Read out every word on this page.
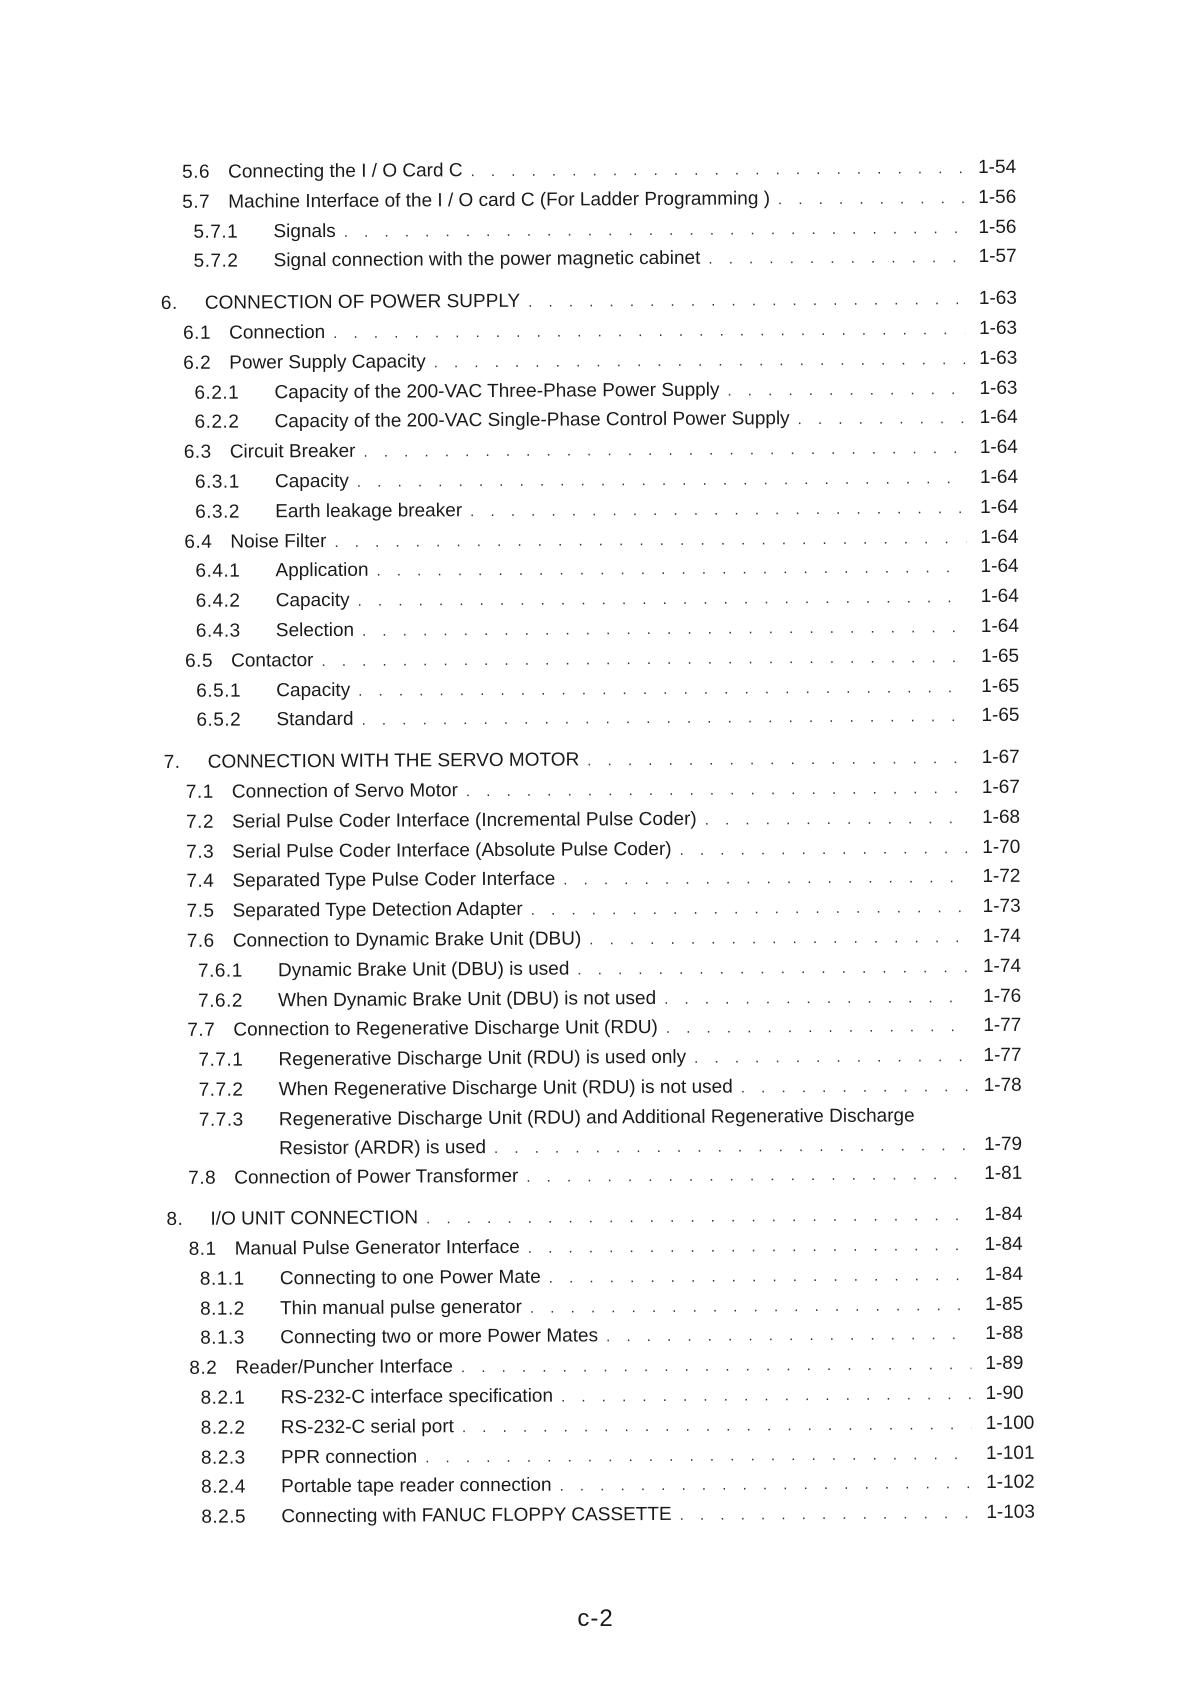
5.6 Connecting the I / O Card C . . .	1-54
5.7 Machine Interface of the I / O card C (For Ladder Programming ) . . .	1-56
5.7.1	Signals . . .	1-56
5.7.2	Signal connection with the power magnetic cabinet . . .	1-57
6.	CONNECTION OF POWER SUPPLY . . .	1-63
6.1 Connection . . .	1-63
6.2 Power Supply Capacity . . .	1-63
6.2.1	Capacity of the 200-VAC Three-Phase Power Supply . . .	1-63
6.2.2	Capacity of the 200-VAC Single-Phase Control Power Supply . . .	1-64
6.3 Circuit Breaker . . .	1-64
6.3.1	Capacity . . .	1-64
6.3.2	Earth leakage breaker . . .	1-64
6.4 Noise Filter . . .	1-64
6.4.1	Application . . .	1-64
6.4.2	Capacity . . .	1-64
6.4.3	Selection . . .	1-64
6.5 Contactor . . .	1-65
6.5.1	Capacity . . .	1-65
6.5.2	Standard . . .	1-65
7.	CONNECTION WITH THE SERVO MOTOR . . .	1-67
7.1 Connection of Servo Motor . . .	1-67
7.2 Serial Pulse Coder Interface (Incremental Pulse Coder) . . .	1-68
7.3 Serial Pulse Coder Interface (Absolute Pulse Coder) . . .	1-70
7.4 Separated Type Pulse Coder Interface . . .	1-72
7.5 Separated Type Detection Adapter . . .	1-73
7.6 Connection to Dynamic Brake Unit (DBU) . . .	1-74
7.6.1	Dynamic Brake Unit (DBU) is used . . .	1-74
7.6.2	When Dynamic Brake Unit (DBU) is not used . . .	1-76
7.7 Connection to Regenerative Discharge Unit (RDU) . . .	1-77
7.7.1	Regenerative Discharge Unit (RDU) is used only . . .	1-77
7.7.2	When Regenerative Discharge Unit (RDU) is not used . . .	1-78
7.7.3	Regenerative Discharge Unit (RDU) and Additional Regenerative Discharge
Resistor (ARDR) is used . . .	1-79
7.8 Connection of Power Transformer . . .	1-81
8.	I/O UNIT CONNECTION . . .	1-84
8.1 Manual Pulse Generator Interface . . .	1-84
8.1.1	Connecting to one Power Mate . . .	1-84
8.1.2	Thin manual pulse generator . . .	1-85
8.1.3	Connecting two or more Power Mates . . .	1-88
8.2 Reader/Puncher Interface . . .	1-89
8.2.1	RS-232-C interface specification . . .	1-90
8.2.2	RS-232-C serial port . . .	1-100
8.2.3	PPR connection . . .	1-101
8.2.4	Portable tape reader connection . . .	1-102
8.2.5	Connecting with FANUC FLOPPY CASSETTE . . .	1-103
c-2
